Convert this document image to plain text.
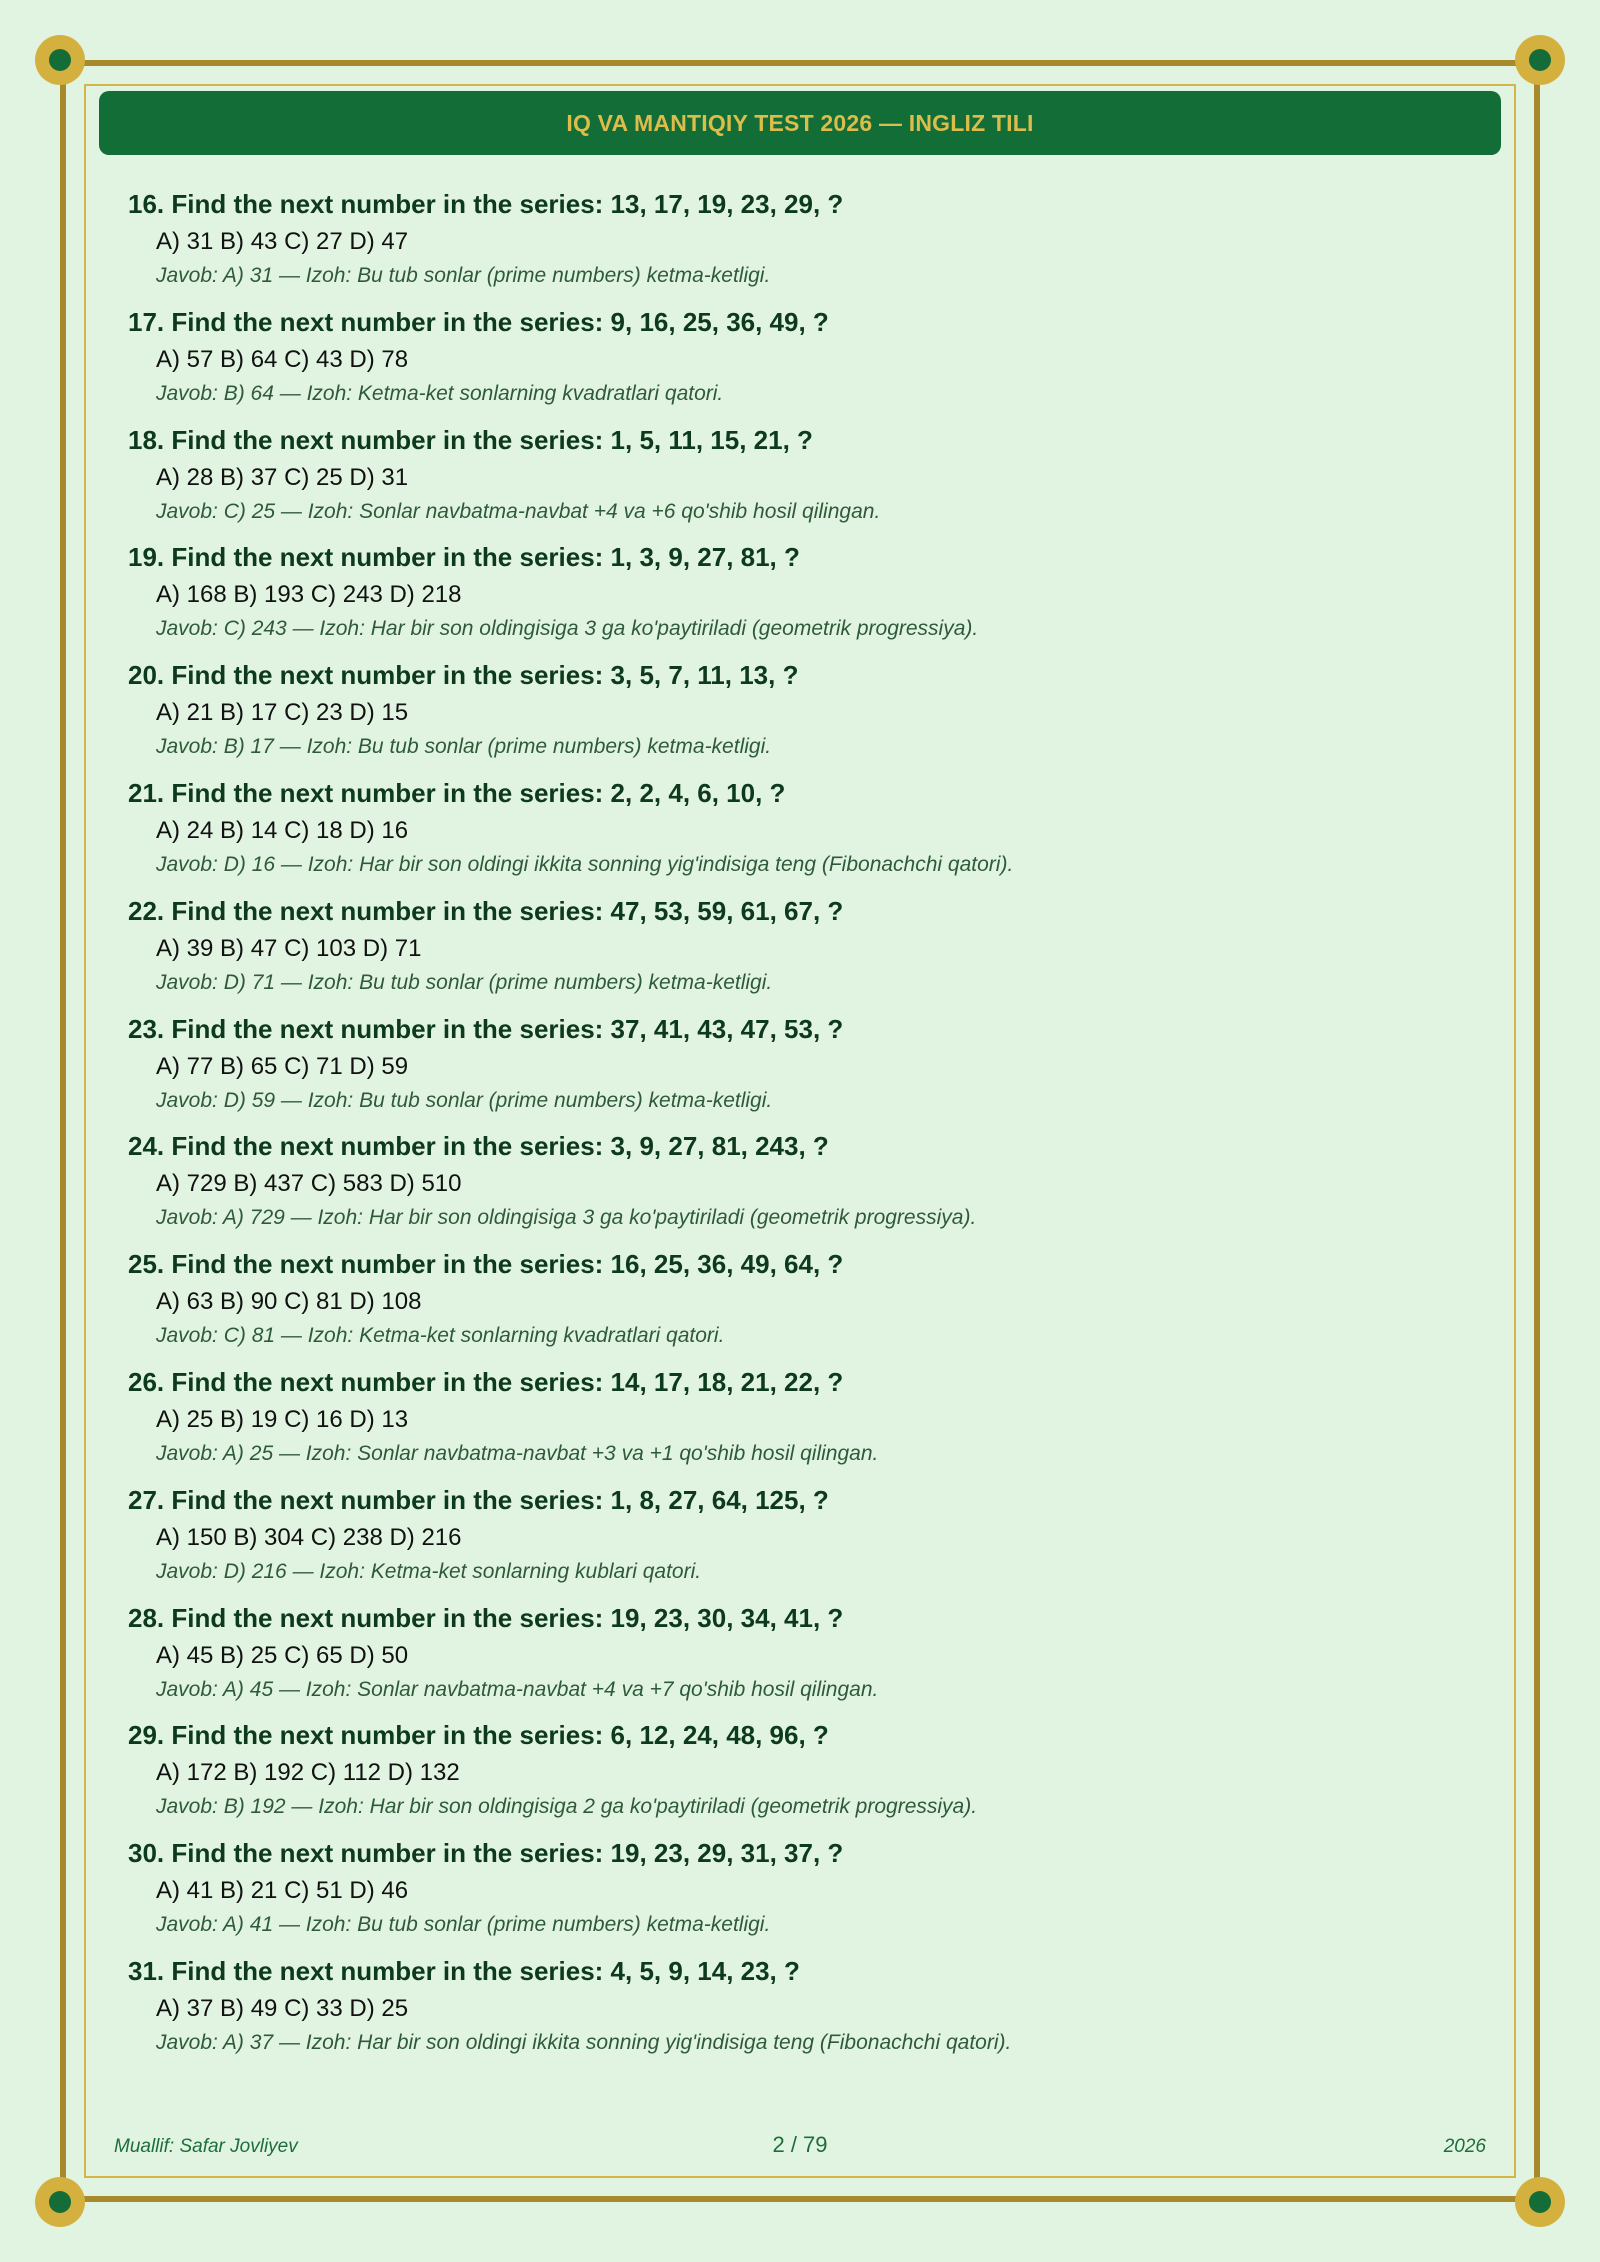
IQ VA MANTIQIY TEST 2026 — INGLIZ TILI
16. Find the next number in the series: 13, 17, 19, 23, 29, ?
A) 31 B) 43 C) 27 D) 47
Javob: A) 31 — Izoh: Bu tub sonlar (prime numbers) ketma-ketligi.
17. Find the next number in the series: 9, 16, 25, 36, 49, ?
A) 57 B) 64 C) 43 D) 78
Javob: B) 64 — Izoh: Ketma-ket sonlarning kvadratlari qatori.
18. Find the next number in the series: 1, 5, 11, 15, 21, ?
A) 28 B) 37 C) 25 D) 31
Javob: C) 25 — Izoh: Sonlar navbatma-navbat +4 va +6 qo'shib hosil qilingan.
19. Find the next number in the series: 1, 3, 9, 27, 81, ?
A) 168 B) 193 C) 243 D) 218
Javob: C) 243 — Izoh: Har bir son oldingisiga 3 ga ko'paytiriladi (geometrik progressiya).
20. Find the next number in the series: 3, 5, 7, 11, 13, ?
A) 21 B) 17 C) 23 D) 15
Javob: B) 17 — Izoh: Bu tub sonlar (prime numbers) ketma-ketligi.
21. Find the next number in the series: 2, 2, 4, 6, 10, ?
A) 24 B) 14 C) 18 D) 16
Javob: D) 16 — Izoh: Har bir son oldingi ikkita sonning yig'indisiga teng (Fibonachchi qatori).
22. Find the next number in the series: 47, 53, 59, 61, 67, ?
A) 39 B) 47 C) 103 D) 71
Javob: D) 71 — Izoh: Bu tub sonlar (prime numbers) ketma-ketligi.
23. Find the next number in the series: 37, 41, 43, 47, 53, ?
A) 77 B) 65 C) 71 D) 59
Javob: D) 59 — Izoh: Bu tub sonlar (prime numbers) ketma-ketligi.
24. Find the next number in the series: 3, 9, 27, 81, 243, ?
A) 729 B) 437 C) 583 D) 510
Javob: A) 729 — Izoh: Har bir son oldingisiga 3 ga ko'paytiriladi (geometrik progressiya).
25. Find the next number in the series: 16, 25, 36, 49, 64, ?
A) 63 B) 90 C) 81 D) 108
Javob: C) 81 — Izoh: Ketma-ket sonlarning kvadratlari qatori.
26. Find the next number in the series: 14, 17, 18, 21, 22, ?
A) 25 B) 19 C) 16 D) 13
Javob: A) 25 — Izoh: Sonlar navbatma-navbat +3 va +1 qo'shib hosil qilingan.
27. Find the next number in the series: 1, 8, 27, 64, 125, ?
A) 150 B) 304 C) 238 D) 216
Javob: D) 216 — Izoh: Ketma-ket sonlarning kublari qatori.
28. Find the next number in the series: 19, 23, 30, 34, 41, ?
A) 45 B) 25 C) 65 D) 50
Javob: A) 45 — Izoh: Sonlar navbatma-navbat +4 va +7 qo'shib hosil qilingan.
29. Find the next number in the series: 6, 12, 24, 48, 96, ?
A) 172 B) 192 C) 112 D) 132
Javob: B) 192 — Izoh: Har bir son oldingisiga 2 ga ko'paytiriladi (geometrik progressiya).
30. Find the next number in the series: 19, 23, 29, 31, 37, ?
A) 41 B) 21 C) 51 D) 46
Javob: A) 41 — Izoh: Bu tub sonlar (prime numbers) ketma-ketligi.
31. Find the next number in the series: 4, 5, 9, 14, 23, ?
A) 37 B) 49 C) 33 D) 25
Javob: A) 37 — Izoh: Har bir son oldingi ikkita sonning yig'indisiga teng (Fibonachchi qatori).
Muallif: Safar Jovliyev	2 / 79	2026
